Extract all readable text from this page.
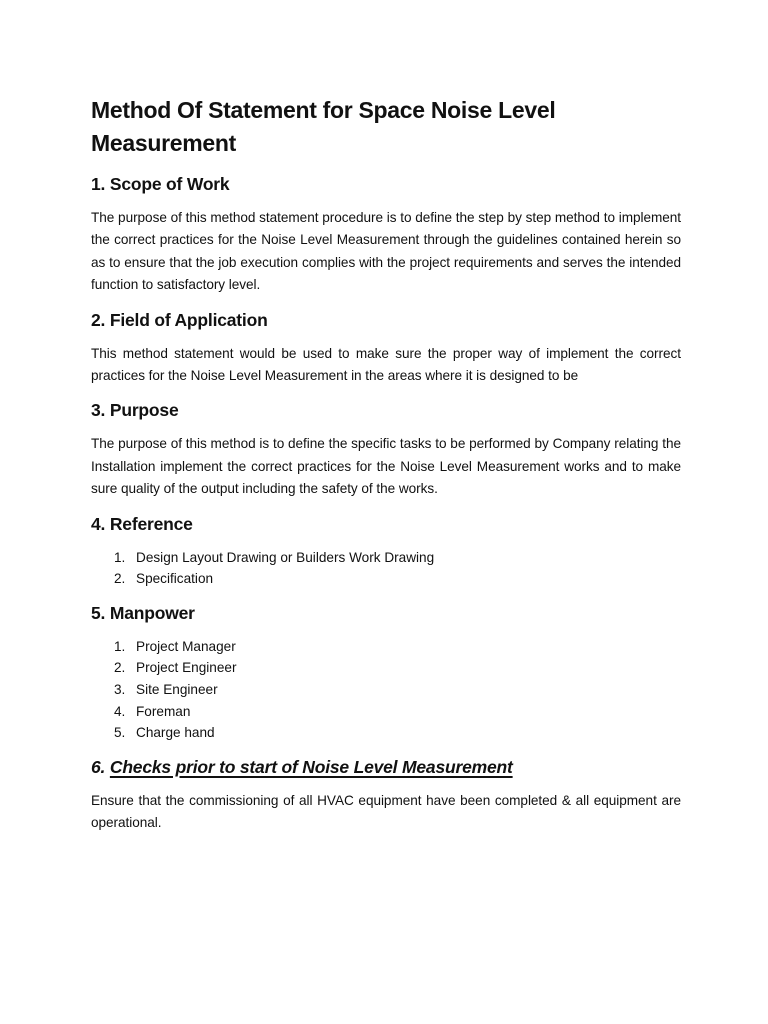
Method Of Statement for Space Noise Level Measurement
1. Scope of Work

The purpose of this method statement procedure is to define the step by step method to implement the correct practices for the Noise Level Measurement through the guidelines contained herein so as to ensure that the job execution complies with the project requirements and serves the intended function to satisfactory level.

2. Field of Application

This method statement would be used to make sure the proper way of implement the correct practices for the Noise Level Measurement in the areas where it is designed to be

3. Purpose

The purpose of this method is to define the specific tasks to be performed by Company relating the Installation implement the correct practices for the Noise Level Measurement works and to make sure quality of the output including the safety of the works.

4. Reference
1. Design Layout Drawing or Builders Work Drawing
2. Specification
5. Manpower
1. Project Manager
2. Project Engineer
3. Site Engineer
4. Foreman
5. Charge hand
6. Checks prior to start of Noise Level Measurement

Ensure that the commissioning of all HVAC equipment have been completed & all equipment are operational.
